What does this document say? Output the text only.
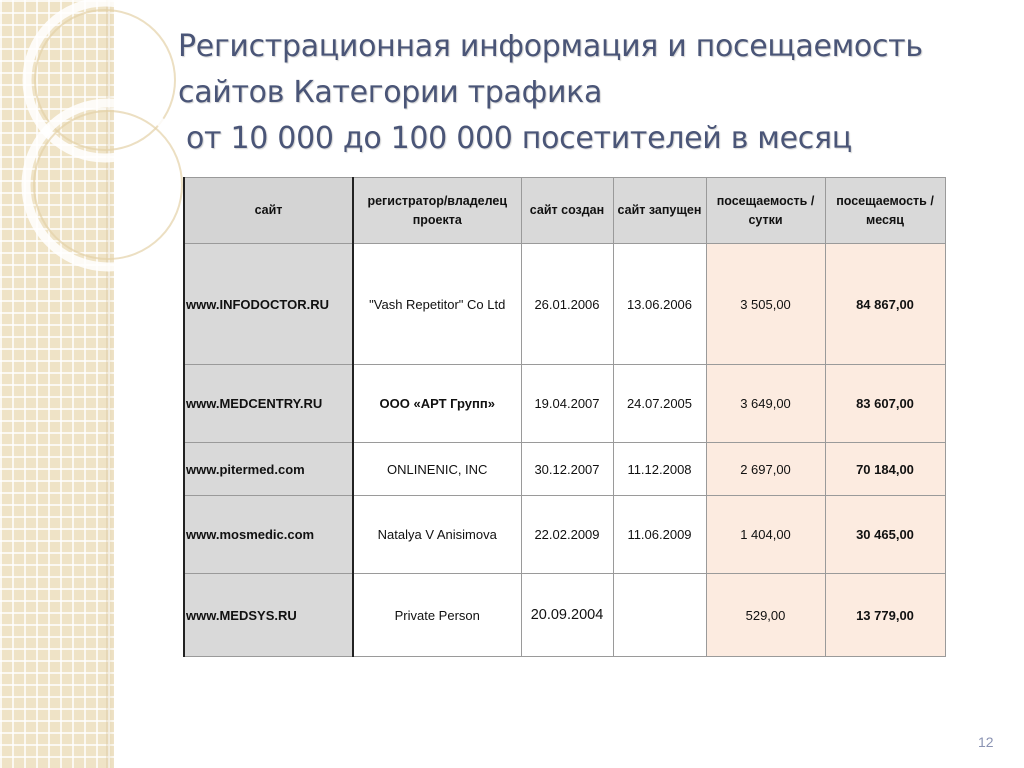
Регистрационная информация и посещаемость
сайтов Категории трафика
от 10 000 до 100 000 посетителей в месяц
сайт	регистратор/владелец проекта	сайт создан	сайт запущен	посещаемость / сутки	посещаемость / месяц
www.INFODOCTOR.RU	"Vash Repetitor" Co Ltd	26.01.2006	13.06.2006	3 505,00	84 867,00
www.MEDCENTRY.RU	ООО «АРТ Групп»	19.04.2007	24.07.2005	3 649,00	83 607,00
www.pitermed.com	ONLINENIC, INC	30.12.2007	11.12.2008	2 697,00	70 184,00
www.mosmedic.com	Natalya V Anisimova	22.02.2009	11.06.2009	1 404,00	30 465,00
www.MEDSYS.RU	Private Person	20.09.2004		529,00	13 779,00
12
